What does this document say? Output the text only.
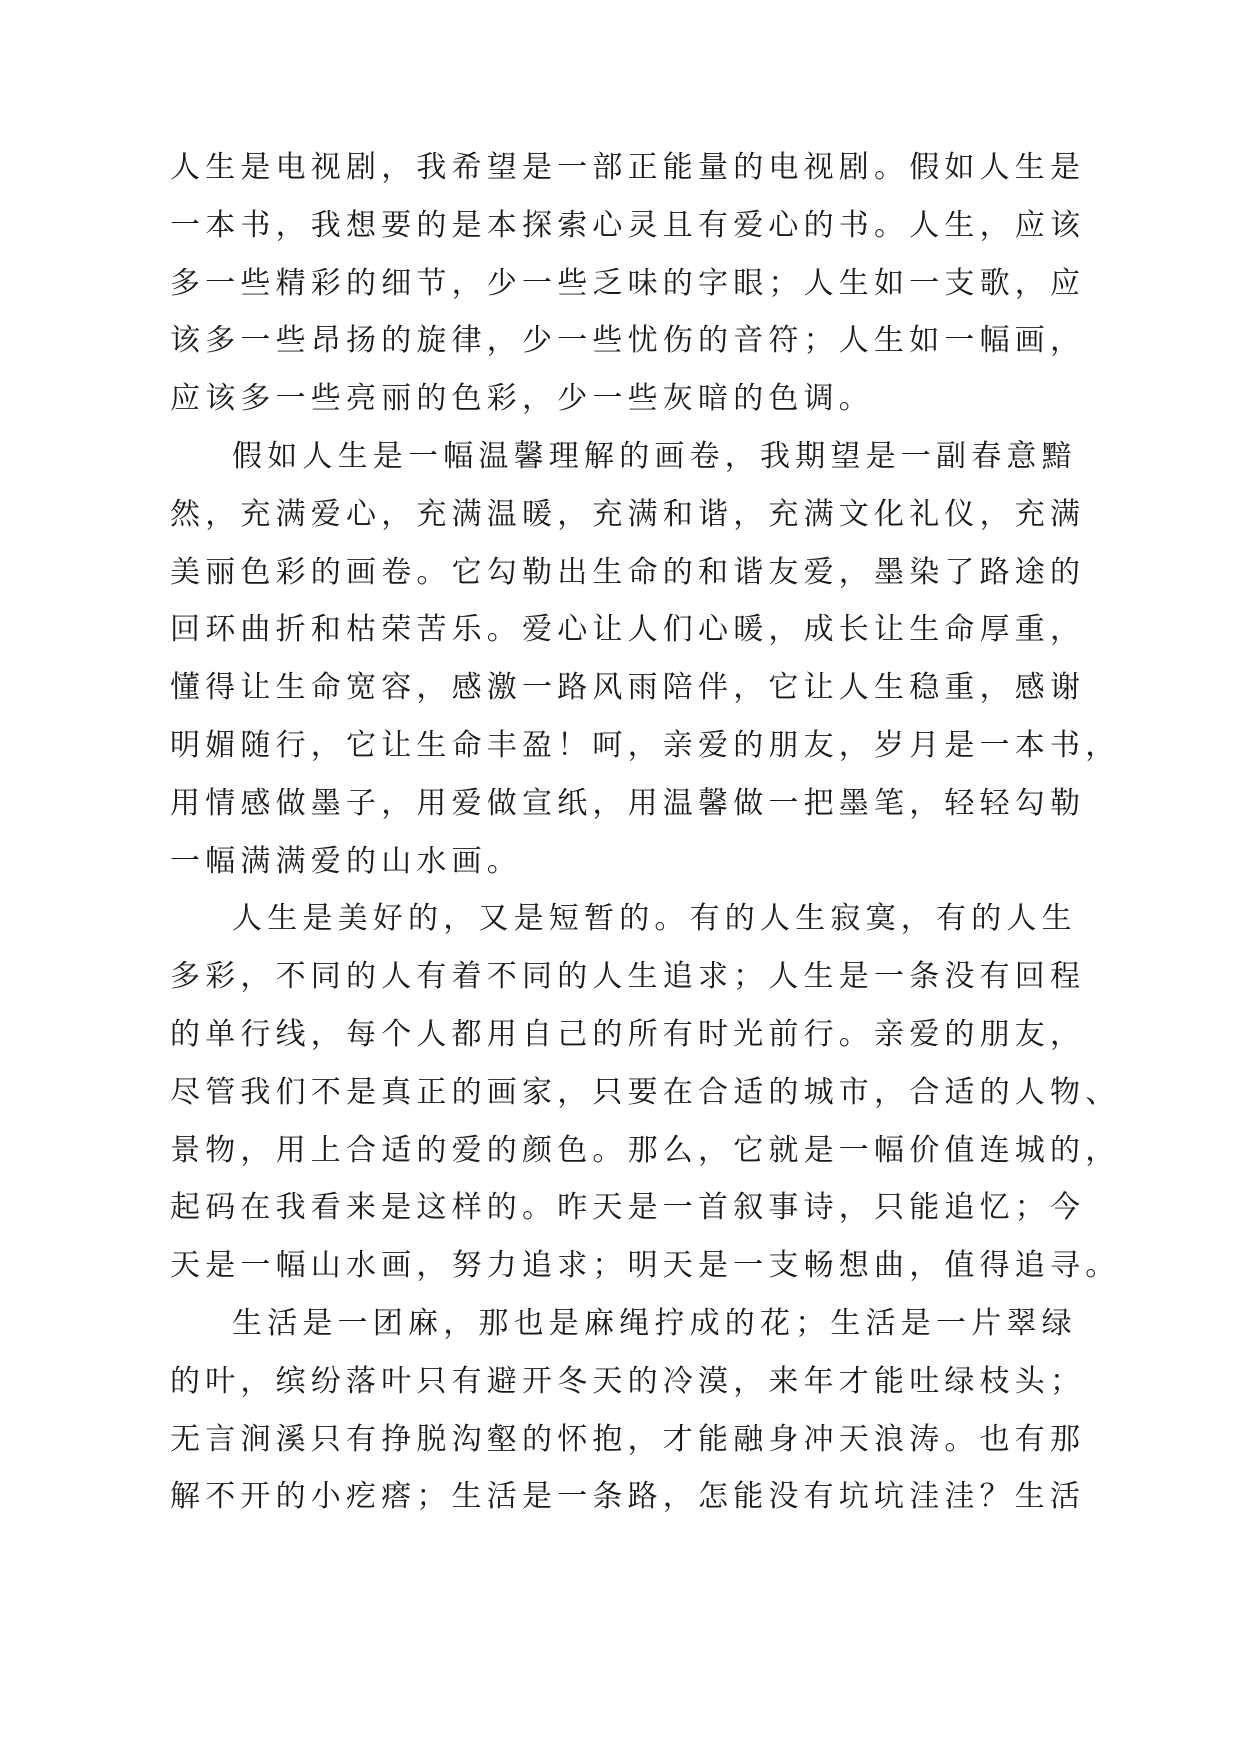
人生是电视剧，我希望是一部正能量的电视剧。假如人生是
一本书，我想要的是本探索心灵且有爱心的书。人生，应该
多一些精彩的细节，少一些乏味的字眼；人生如一支歌，应
该多一些昂扬的旋律，少一些忧伤的音符；人生如一幅画，
应该多一些亮丽的色彩，少一些灰暗的色调。

假如人生是一幅温馨理解的画卷，我期望是一副春意黯
然，充满爱心，充满温暖，充满和谐，充满文化礼仪，充满
美丽色彩的画卷。它勾勒出生命的和谐友爱，墨染了路途的
回环曲折和枯荣苦乐。爱心让人们心暖，成长让生命厚重，
懂得让生命宽容，感激一路风雨陪伴，它让人生稳重，感谢
明媚随行，它让生命丰盈！呵，亲爱的朋友，岁月是一本书，
用情感做墨子，用爱做宣纸，用温馨做一把墨笔，轻轻勾勒
一幅满满爱的山水画。

人生是美好的，又是短暂的。有的人生寂寞，有的人生
多彩，不同的人有着不同的人生追求；人生是一条没有回程
的单行线，每个人都用自己的所有时光前行。亲爱的朋友，
尽管我们不是真正的画家，只要在合适的城市，合适的人物、
景物，用上合适的爱的颜色。那么，它就是一幅价值连城的，
起码在我看来是这样的。昨天是一首叙事诗，只能追忆；今
天是一幅山水画，努力追求；明天是一支畅想曲，值得追寻。

生活是一团麻，那也是麻绳拧成的花；生活是一片翠绿
的叶，缤纷落叶只有避开冬天的冷漠，来年才能吐绿枝头；
无言涧溪只有挣脱沟壑的怀抱，才能融身冲天浪涛。也有那
解不开的小疙瘩；生活是一条路，怎能没有坑坑洼洼？生活
